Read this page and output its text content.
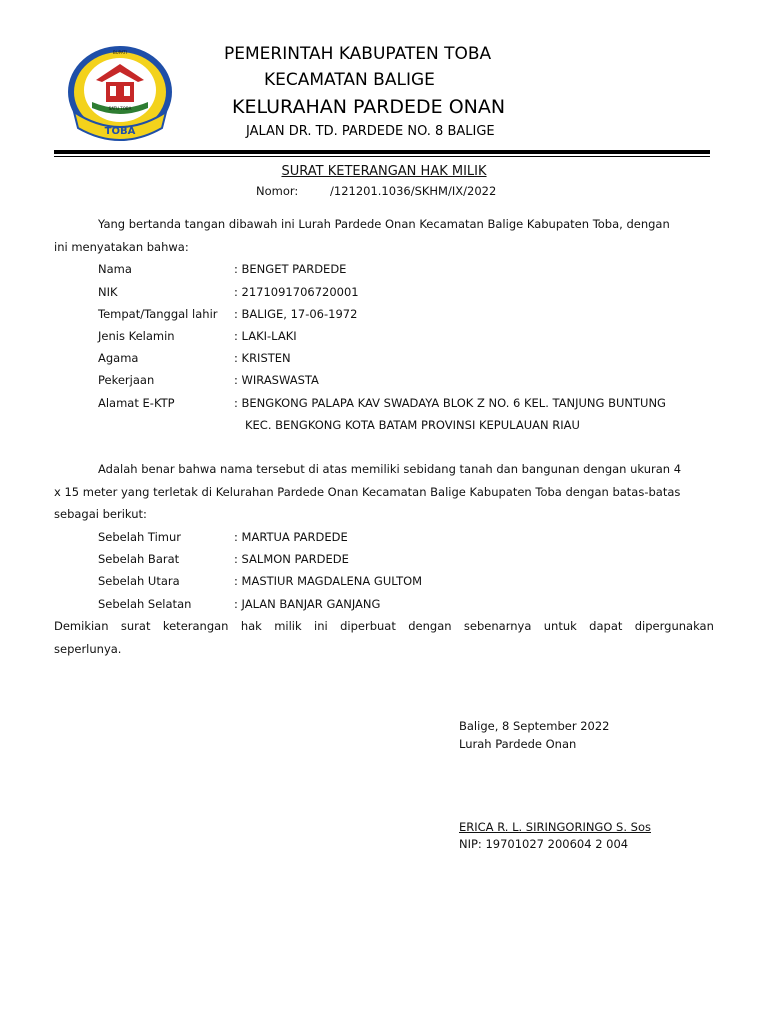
TOBA
BUPATI
SATU TOBA
PEMERINTAH KABUPATEN TOBA
KECAMATAN BALIGE
KELURAHAN PARDEDE ONAN
JALAN DR. TD. PARDEDE NO. 8 BALIGE
SURAT KETERANGAN HAK MILIK
Nomor:	/121201.1036/SKHM/IX/2022
Yang bertanda tangan dibawah ini Lurah Pardede Onan Kecamatan Balige Kabupaten Toba, dengan
ini menyatakan bahwa:
Nama	: BENGET PARDEDE
NIK	: 2171091706720001
Tempat/Tanggal lahir : BALIGE, 17-06-1972
Jenis Kelamin	: LAKI-LAKI
Agama	: KRISTEN
Pekerjaan	: WIRASWASTA
Alamat E-KTP	: BENGKONG PALAPA KAV SWADAYA BLOK Z NO. 6 KEL. TANJUNG BUNTUNG
KEC. BENGKONG KOTA BATAM PROVINSI KEPULAUAN RIAU
Adalah benar bahwa nama tersebut di atas memiliki sebidang tanah dan bangunan dengan ukuran 4
x 15 meter yang terletak di Kelurahan Pardede Onan Kecamatan Balige Kabupaten Toba dengan batas-batas
sebagai berikut:
Sebelah Timur	: MARTUA PARDEDE
Sebelah Barat	: SALMON PARDEDE
Sebelah Utara	: MASTIUR MAGDALENA GULTOM
Sebelah Selatan	: JALAN BANJAR GANJANG
Demikian surat keterangan hak milik ini diperbuat dengan sebenarnya untuk dapat dipergunakan
seperlunya.
Balige, 8 September 2022
Lurah Pardede Onan
ERICA R. L. SIRINGORINGO S. Sos
NIP: 19701027 200604 2 004
